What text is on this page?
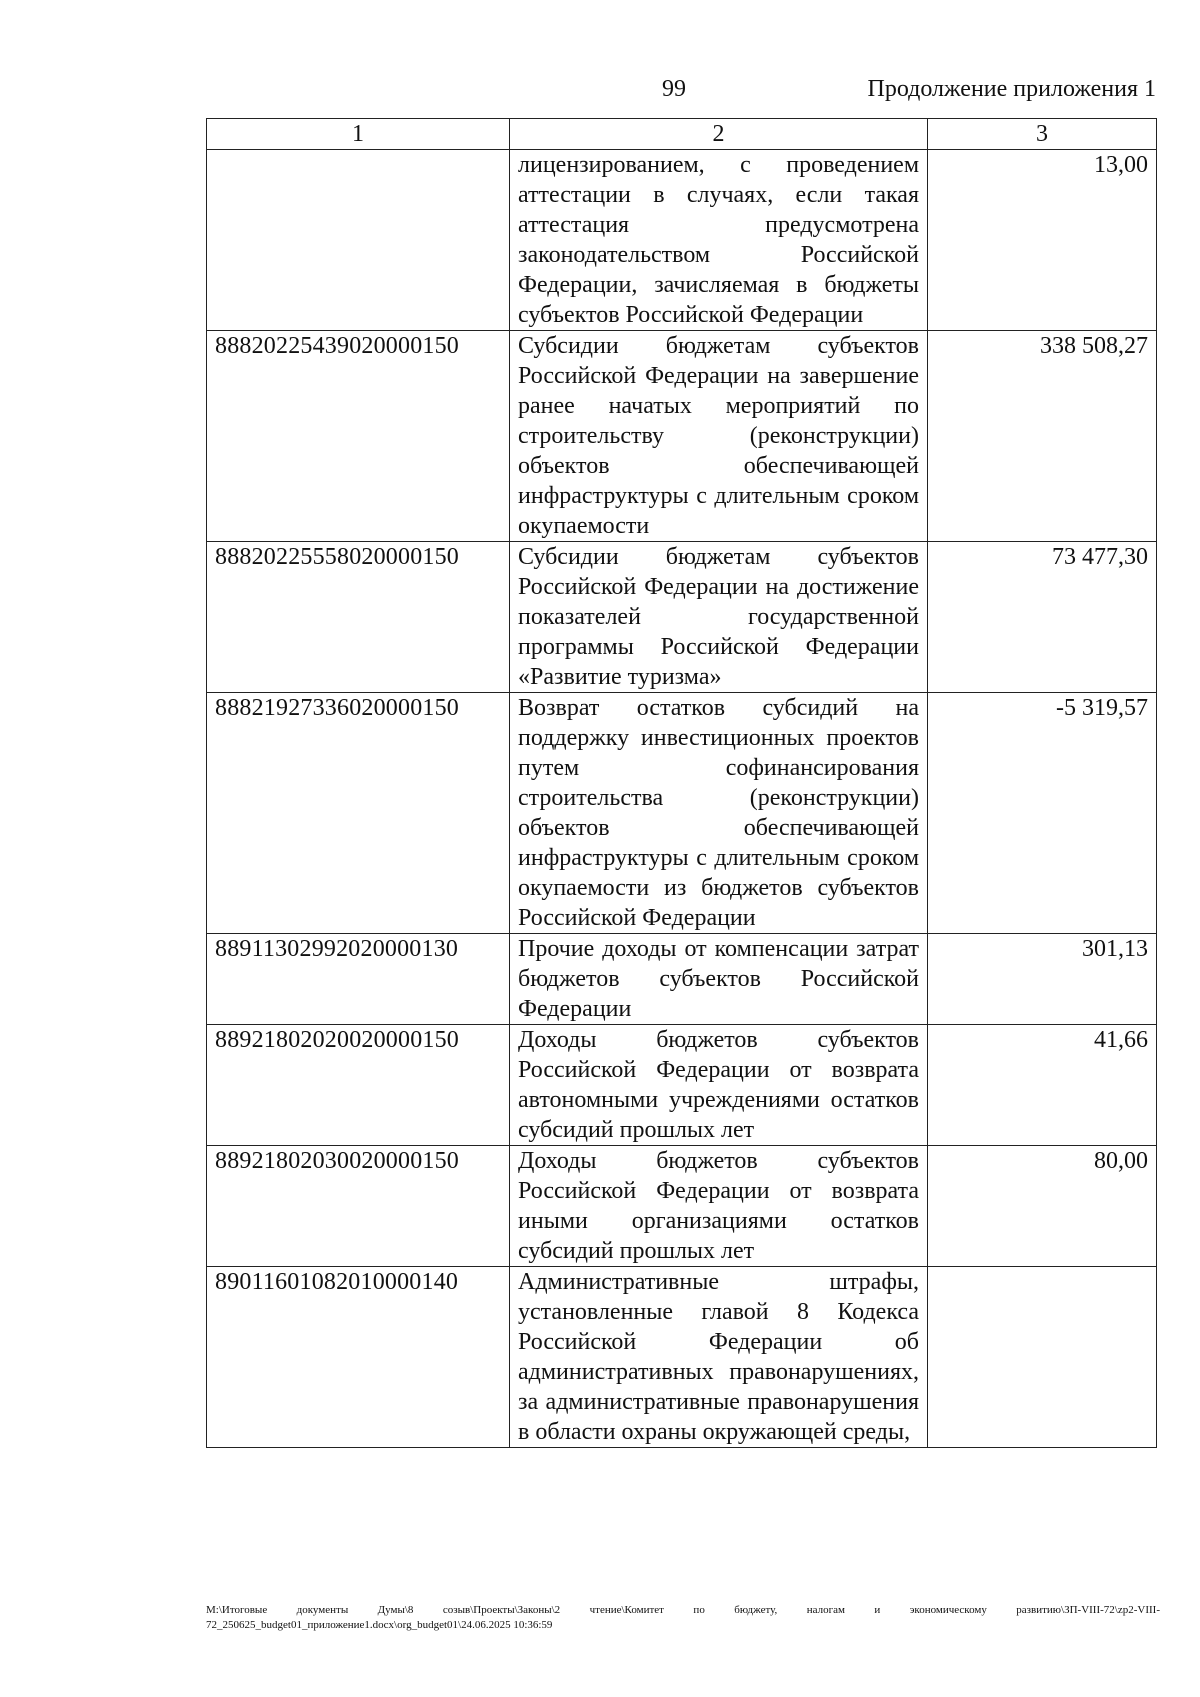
99	Продолжение приложения 1
1	2	3
	лицензированием, с проведением аттестации в случаях, если такая аттестация предусмотрена законодательством Российской Федерации, зачисляемая в бюджеты субъектов Российской Федерации	13,00
88820225439020000150	Субсидии бюджетам субъектов Российской Федерации на завершение ранее начатых мероприятий по строительству (реконструкции) объектов обеспечивающей инфраструктуры с длительным сроком окупаемости	338 508,27
88820225558020000150	Субсидии бюджетам субъектов Российской Федерации на достижение показателей государственной программы Российской Федерации «Развитие туризма»	73 477,30
88821927336020000150	Возврат остатков субсидий на поддержку инвестиционных проектов путем софинансирования строительства (реконструкции) объектов обеспечивающей инфраструктуры с длительным сроком окупаемости из бюджетов субъектов Российской Федерации	-5 319,57
88911302992020000130	Прочие доходы от компенсации затрат бюджетов субъектов Российской Федерации	301,13
88921802020020000150	Доходы бюджетов субъектов Российской Федерации от возврата автономными учреждениями остатков субсидий прошлых лет	41,66
88921802030020000150	Доходы бюджетов субъектов Российской Федерации от возврата иными организациями остатков субсидий прошлых лет	80,00
89011601082010000140	Административные штрафы, установленные главой 8 Кодекса Российской Федерации об административных правонарушениях, за административные правонарушения в области охраны окружающей среды,	
M:\Итоговые документы Думы\8 созыв\Проекты\Законы\2 чтение\Комитет по бюджету, налогам и экономическому развитию\ЗП-VIII-72\zp2-VIII-72_250625_budget01_приложение1.docx\org_budget01\24.06.2025 10:36:59
